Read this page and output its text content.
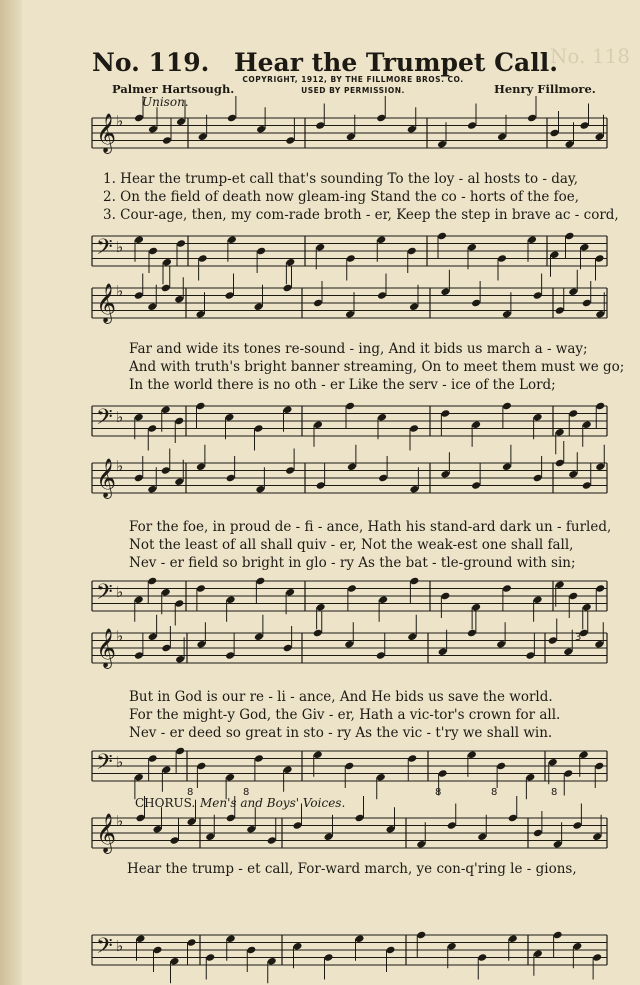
No. 118
No. 119. Hear the Trumpet Call.
Palmer Hartsough.
COPYRIGHT, 1912, BY THE FILLMORE BROS. CO.
USED BY PERMISSION.	Henry Fillmore.
Unison.
𝄞 ♭
𝄢 ♭
𝄞 ♭
𝄢 ♭
𝄞 ♭
𝄢 ♭
𝄞 ♭
𝄢 ♭
𝄞 ♭
𝄢 ♭
1. Hear the trump-et call that's sounding To the loy - al hosts to - day,
2. On the field of death now gleam-ing Stand the co - horts of the foe,
3. Cour-age, then, my com-rade broth - er, Keep the step in brave ac - cord,
Far and wide its tones re-sound - ing, And it bids us march a - way;
And with truth's bright banner streaming, On to meet them must we go;
In the world there is no oth - er Like the serv - ice of the Lord;
For the foe, in proud de - fi - ance, Hath his stand-ard dark un - furled,
Not the least of all shall quiv - er, Not the weak-est one shall fall,
Nev - er field so bright in glo - ry As the bat - tle-ground with sin;
But in God is our re - li - ance, And He bids us save the world.
For the might-y God, the Giv - er, Hath a vic-tor's crown for all.
Nev - er deed so great in sto - ry As the vic - t'ry we shall win.
8	8	8	8	8
3
CHORUS. Men's and Boys' Voices.
Hear the trump - et call, For-ward march, ye con-q'ring le - gions,
